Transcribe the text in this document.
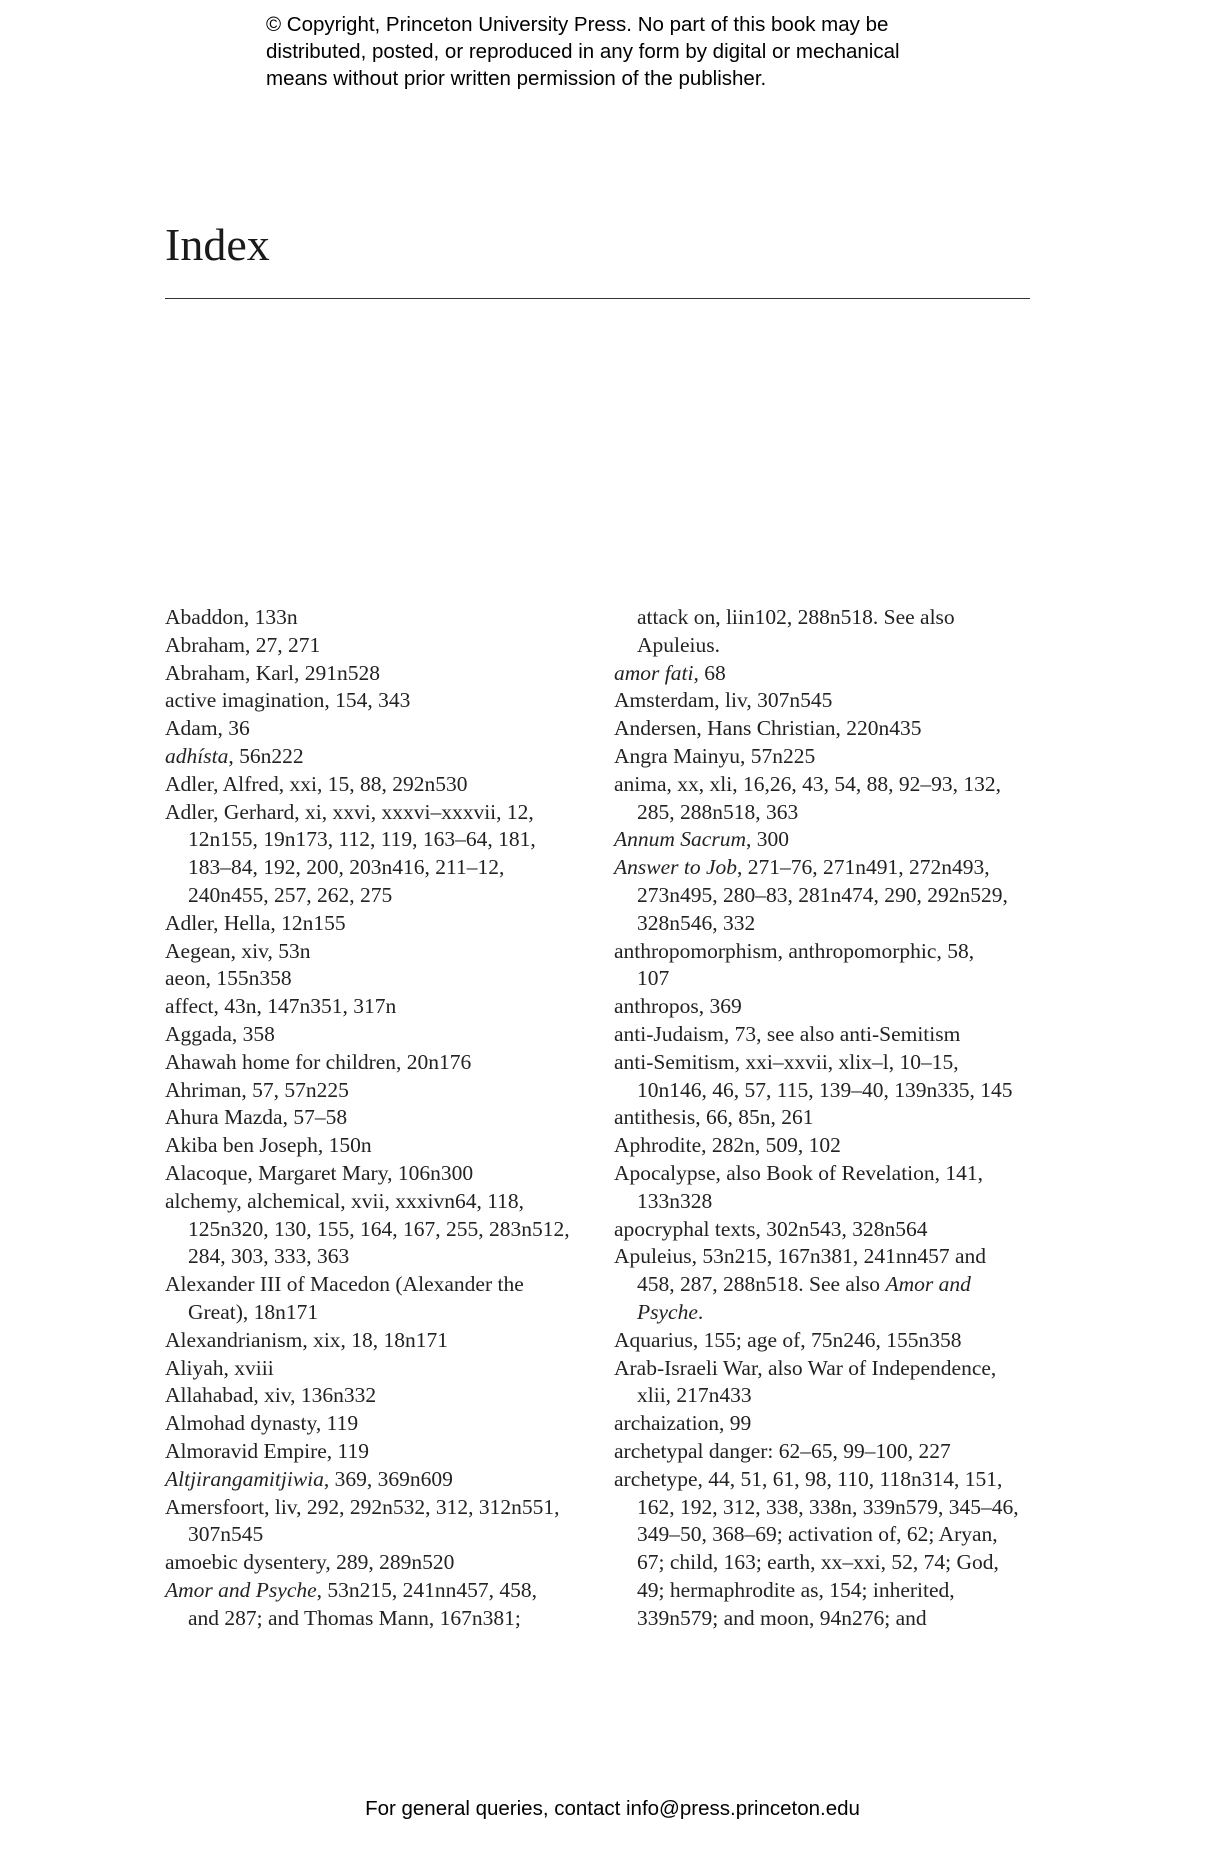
© Copyright, Princeton University Press. No part of this book may be
distributed, posted, or reproduced in any form by digital or mechanical
means without prior written permission of the publisher.
Index
Abaddon, 133n
Abraham, 27, 271
Abraham, Karl, 291n528
active imagination, 154, 343
Adam, 36
adhísta, 56n222
Adler, Alfred, xxi, 15, 88, 292n530
Adler, Gerhard, xi, xxvi, xxxvi–xxxvii, 12,
12n155, 19n173, 112, 119, 163–64, 181,
183–84, 192, 200, 203n416, 211–12,
240n455, 257, 262, 275
Adler, Hella, 12n155
Aegean, xiv, 53n
aeon, 155n358
affect, 43n, 147n351, 317n
Aggada, 358
Ahawah home for children, 20n176
Ahriman, 57, 57n225
Ahura Mazda, 57–58
Akiba ben Joseph, 150n
Alacoque, Margaret Mary, 106n300
alchemy, alchemical, xvii, xxxivn64, 118,
125n320, 130, 155, 164, 167, 255, 283n512,
284, 303, 333, 363
Alexander III of Macedon (Alexander the
Great), 18n171
Alexandrianism, xix, 18, 18n171
Aliyah, xviii
Allahabad, xiv, 136n332
Almohad dynasty, 119
Almoravid Empire, 119
Altjirangamitjiwia, 369, 369n609
Amersfoort, liv, 292, 292n532, 312, 312n551,
307n545
amoebic dysentery, 289, 289n520
Amor and Psyche, 53n215, 241nn457, 458,
and 287; and Thomas Mann, 167n381;
attack on, liin102, 288n518. See also
Apuleius.
amor fati, 68
Amsterdam, liv, 307n545
Andersen, Hans Christian, 220n435
Angra Mainyu, 57n225
anima, xx, xli, 16,26, 43, 54, 88, 92–93, 132,
285, 288n518, 363
Annum Sacrum, 300
Answer to Job, 271–76, 271n491, 272n493,
273n495, 280–83, 281n474, 290, 292n529,
328n546, 332
anthropomorphism, anthropomorphic, 58,
107
anthropos, 369
anti-Judaism, 73, see also anti-Semitism
anti-Semitism, xxi–xxvii, xlix–l, 10–15,
10n146, 46, 57, 115, 139–40, 139n335, 145
antithesis, 66, 85n, 261
Aphrodite, 282n, 509, 102
Apocalypse, also Book of Revelation, 141,
133n328
apocryphal texts, 302n543, 328n564
Apuleius, 53n215, 167n381, 241nn457 and
458, 287, 288n518. See also Amor and
Psyche.
Aquarius, 155; age of, 75n246, 155n358
Arab-Israeli War, also War of Independence,
xlii, 217n433
archaization, 99
archetypal danger: 62–65, 99–100, 227
archetype, 44, 51, 61, 98, 110, 118n314, 151,
162, 192, 312, 338, 338n, 339n579, 345–46,
349–50, 368–69; activation of, 62; Aryan,
67; child, 163; earth, xx–xxi, 52, 74; God,
49; hermaphrodite as, 154; inherited,
339n579; and moon, 94n276; and
For general queries, contact info@press.princeton.edu
